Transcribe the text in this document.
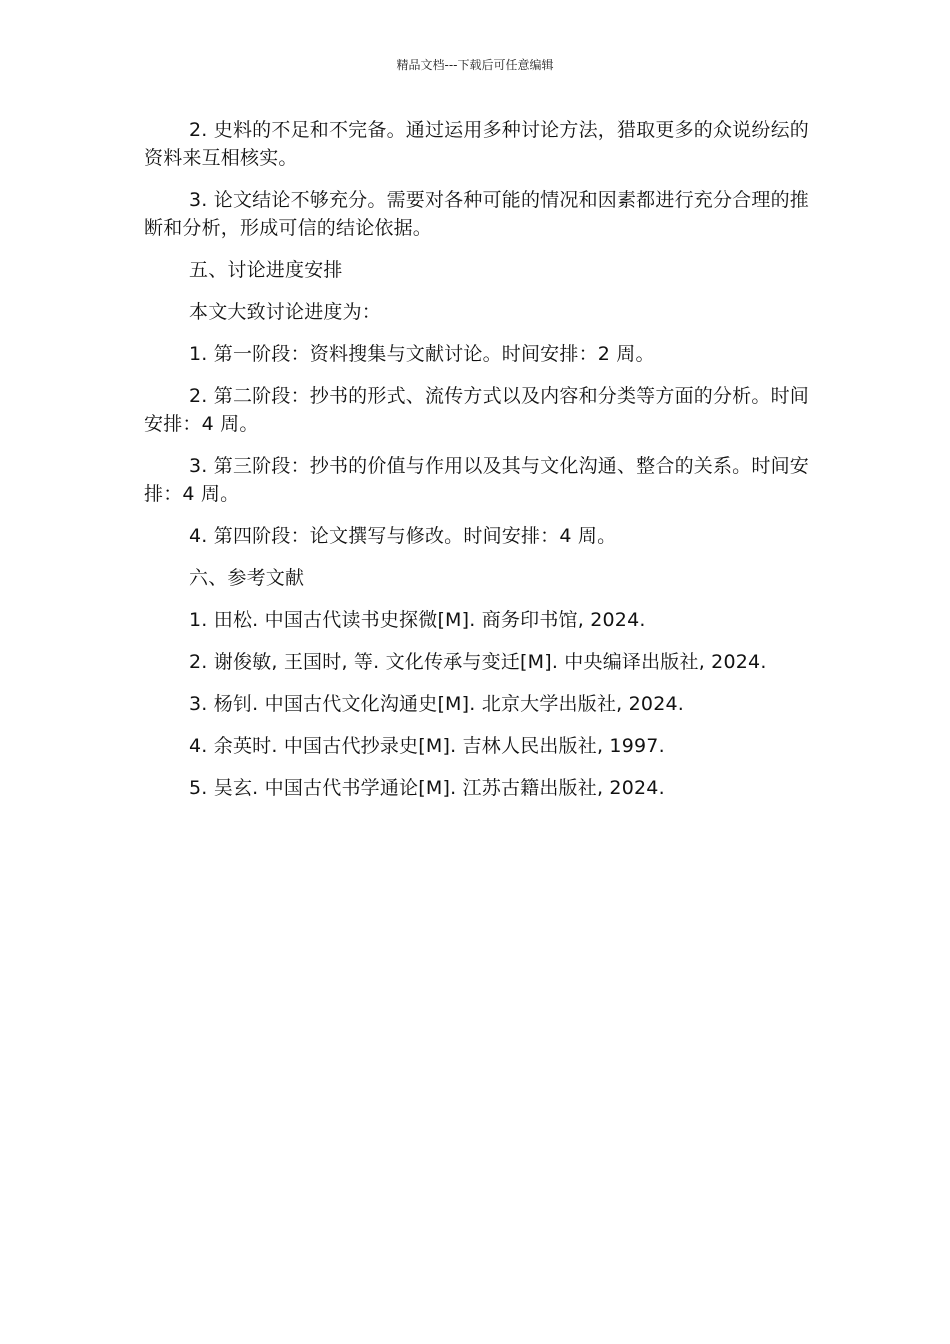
精品文档---下载后可任意编辑

2. 史料的不足和不完备。通过运用多种讨论方法，猎取更多的众说纷纭的资料来互相核实。

3. 论文结论不够充分。需要对各种可能的情况和因素都进行充分合理的推断和分析，形成可信的结论依据。

五、讨论进度安排

本文大致讨论进度为：

1. 第一阶段：资料搜集与文献讨论。时间安排：2 周。

2. 第二阶段：抄书的形式、流传方式以及内容和分类等方面的分析。时间安排：4 周。

3. 第三阶段：抄书的价值与作用以及其与文化沟通、整合的关系。时间安排：4 周。

4. 第四阶段：论文撰写与修改。时间安排：4 周。

六、参考文献

1. 田松. 中国古代读书史探微[M]. 商务印书馆, 2024.

2. 谢俊敏, 王国时, 等. 文化传承与变迁[M]. 中央编译出版社, 2024.

3. 杨钊. 中国古代文化沟通史[M]. 北京大学出版社, 2024.

4. 余英时. 中国古代抄录史[M]. 吉林人民出版社, 1997.

5. 吴玄. 中国古代书学通论[M]. 江苏古籍出版社, 2024.
